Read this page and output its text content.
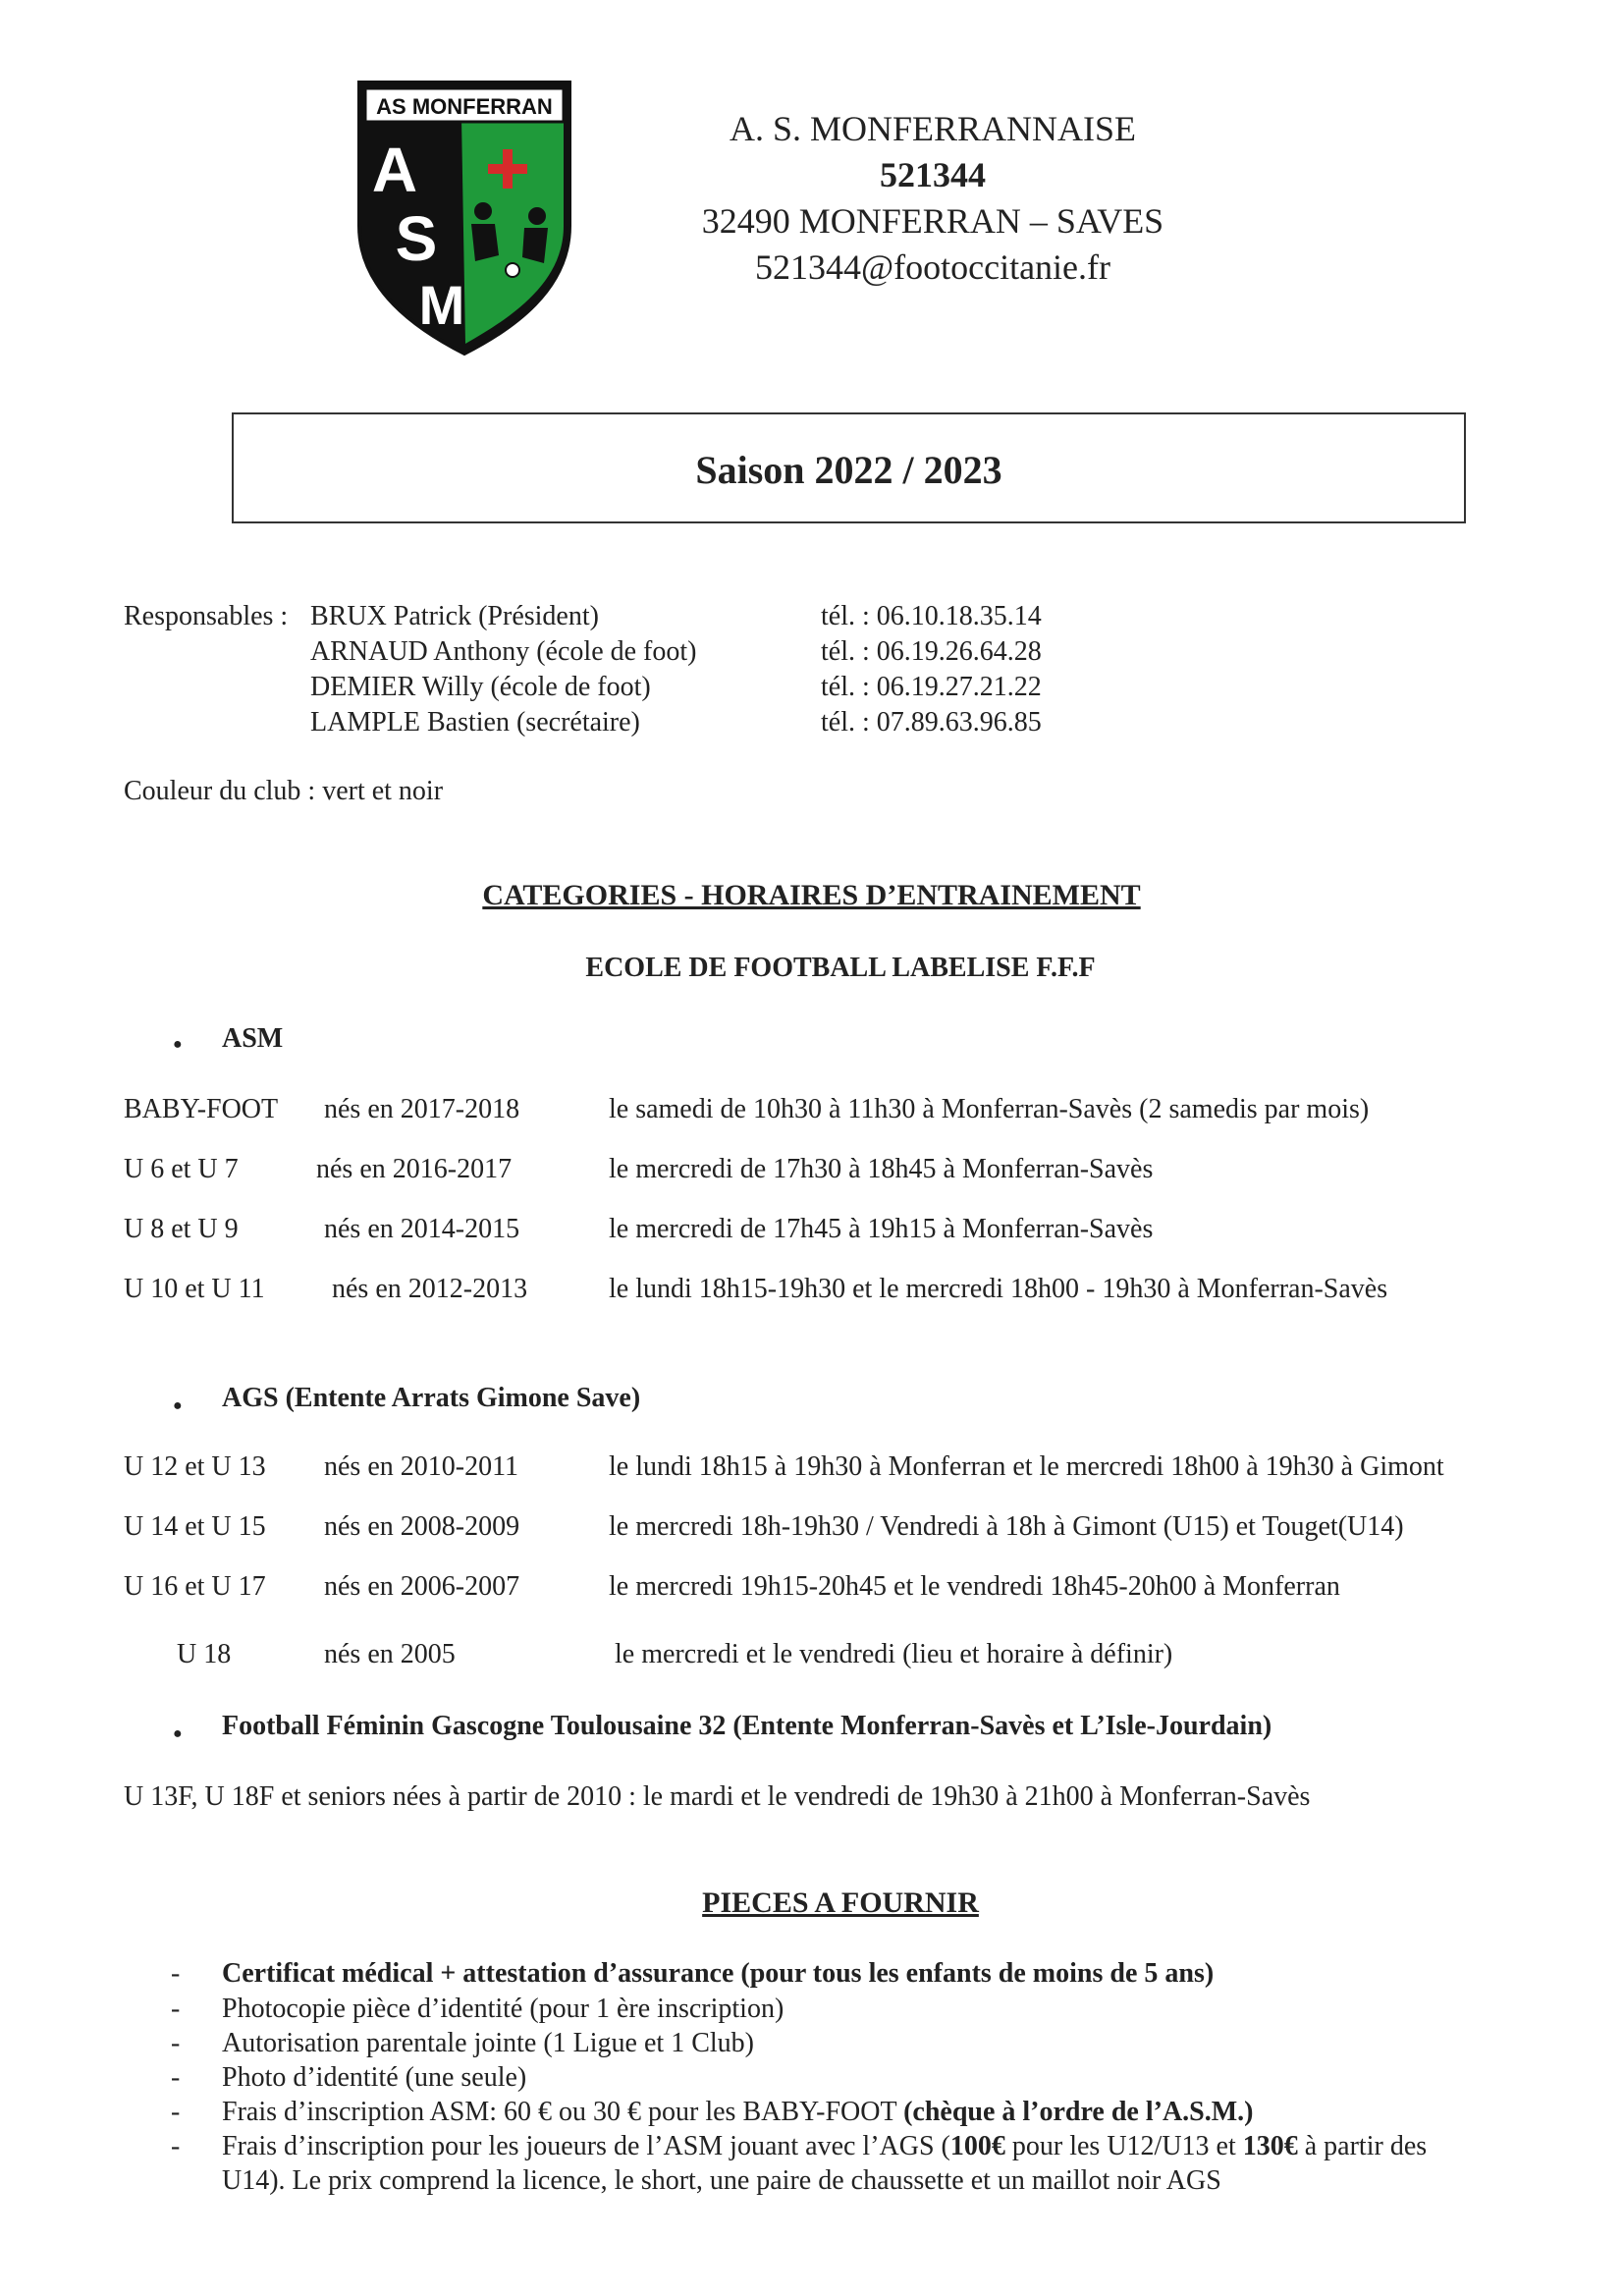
AS MONFERRAN
A
S
M
A. S. MONFERRANNAISE
521344
32490 MONFERRAN – SAVES
521344@footoccitanie.fr
Saison 2022 / 2023
Responsables : BRUX Patrick (Président)	tél. : 06.10.18.35.14
ARNAUD Anthony (école de foot)	tél. : 06.19.26.64.28
DEMIER Willy (école de foot)	tél. : 06.19.27.21.22
LAMPLE Bastien (secrétaire)	tél. : 07.89.63.96.85
Couleur du club : vert et noir
CATEGORIES - HORAIRES D’ENTRAINEMENT
ECOLE DE FOOTBALL LABELISE F.F.F
● ASM
BABY-FOOT nés en 2017-2018	le samedi de 10h30 à 11h30 à Monferran-Savès (2 samedis par mois)
U 6 et U 7	nés en 2016-2017	le mercredi de 17h30 à 18h45 à Monferran-Savès
U 8 et U 9	nés en 2014-2015	le mercredi de 17h45 à 19h15 à Monferran-Savès
U 10 et U 11 nés en 2012-2013	le lundi 18h15-19h30 et le mercredi 18h00 - 19h30 à Monferran-Savès
● AGS (Entente Arrats Gimone Save)
U 12 et U 13 nés en 2010-2011	le lundi 18h15 à 19h30 à Monferran et le mercredi 18h00 à 19h30 à Gimont
U 14 et U 15 nés en 2008-2009	le mercredi 18h-19h30 / Vendredi à 18h à Gimont (U15) et Touget(U14)
U 16 et U 17 nés en 2006-2007	le mercredi 19h15-20h45 et le vendredi 18h45-20h00 à Monferran
U 18	nés en 2005	le mercredi et le vendredi (lieu et horaire à définir)
● Football Féminin Gascogne Toulousaine 32 (Entente Monferran-Savès et L’Isle-Jourdain)
U 13F, U 18F et seniors nées à partir de 2010 : le mardi et le vendredi de 19h30 à 21h00 à Monferran-Savès
PIECES A FOURNIR
- Certificat médical + attestation d’assurance (pour tous les enfants de moins de 5 ans)
- Photocopie pièce d’identité (pour 1 ère inscription)
- Autorisation parentale jointe (1 Ligue et 1 Club)
- Photo d’identité (une seule)
- Frais d’inscription ASM: 60 € ou 30 € pour les BABY-FOOT (chèque à l’ordre de l’A.S.M.)
- Frais d’inscription pour les joueurs de l’ASM jouant avec l’AGS (100€ pour les U12/U13 et 130€ à partir des
U14). Le prix comprend la licence, le short, une paire de chaussette et un maillot noir AGS
